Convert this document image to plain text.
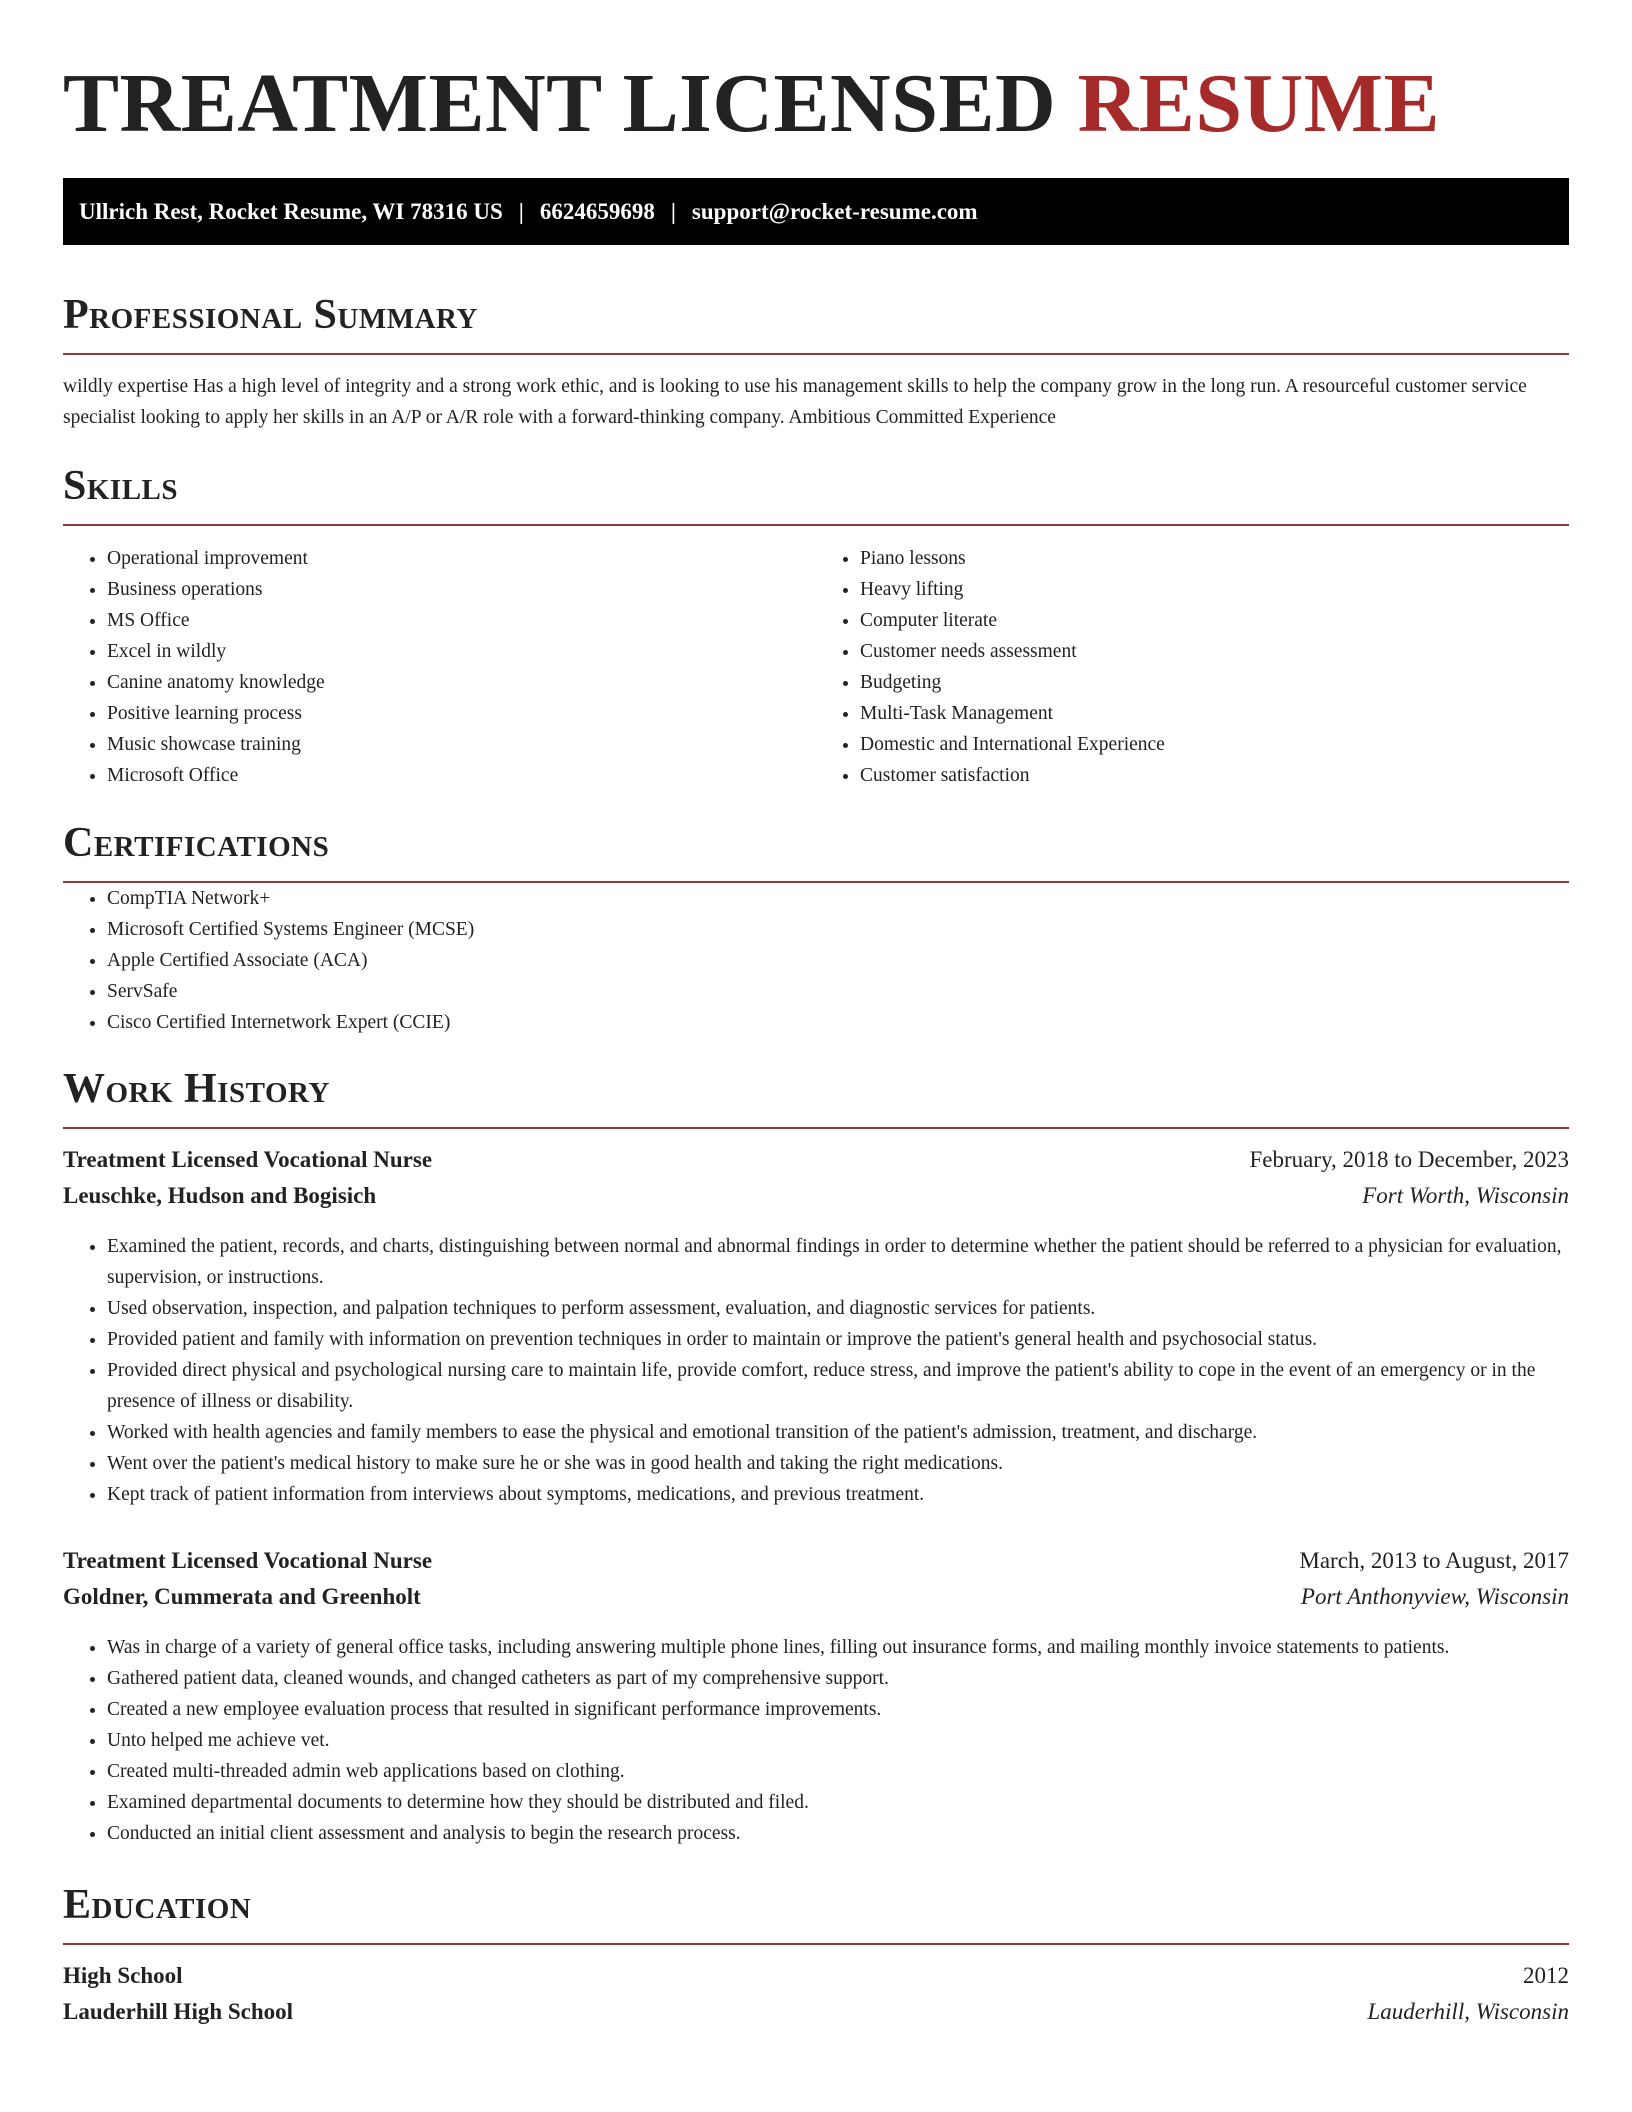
TREATMENT LICENSED RESUME
Ullrich Rest, Rocket Resume, WI 78316 US | 6624659698 | support@rocket-resume.com
Professional Summary

wildly expertise Has a high level of integrity and a strong work ethic, and is looking to use his management skills to help the company grow in the long run. A resourceful customer service specialist looking to apply her skills in an A/P or A/R role with a forward-thinking company. Ambitious Committed Experience

Skills
• Operational improvement
• Business operations
• MS Office
• Excel in wildly
• Canine anatomy knowledge
• Positive learning process
• Music showcase training
• Microsoft Office
• Piano lessons
• Heavy lifting
• Computer literate
• Customer needs assessment
• Budgeting
• Multi-Task Management
• Domestic and International Experience
• Customer satisfaction
Certifications
• CompTIA Network+
• Microsoft Certified Systems Engineer (MCSE)
• Apple Certified Associate (ACA)
• ServSafe
• Cisco Certified Internetwork Expert (CCIE)
Work History
Treatment Licensed Vocational Nurse	February, 2018 to December, 2023
Leuschke, Hudson and Bogisich	Fort Worth, Wisconsin
• Examined the patient, records, and charts, distinguishing between normal and abnormal findings in order to determine whether the patient should be referred to a physician for evaluation, supervision, or instructions.
• Used observation, inspection, and palpation techniques to perform assessment, evaluation, and diagnostic services for patients.
• Provided patient and family with information on prevention techniques in order to maintain or improve the patient's general health and psychosocial status.
• Provided direct physical and psychological nursing care to maintain life, provide comfort, reduce stress, and improve the patient's ability to cope in the event of an emergency or in the presence of illness or disability.
• Worked with health agencies and family members to ease the physical and emotional transition of the patient's admission, treatment, and discharge.
• Went over the patient's medical history to make sure he or she was in good health and taking the right medications.
• Kept track of patient information from interviews about symptoms, medications, and previous treatment.
Treatment Licensed Vocational Nurse	March, 2013 to August, 2017
Goldner, Cummerata and Greenholt	Port Anthonyview, Wisconsin
• Was in charge of a variety of general office tasks, including answering multiple phone lines, filling out insurance forms, and mailing monthly invoice statements to patients.
• Gathered patient data, cleaned wounds, and changed catheters as part of my comprehensive support.
• Created a new employee evaluation process that resulted in significant performance improvements.
• Unto helped me achieve vet.
• Created multi-threaded admin web applications based on clothing.
• Examined departmental documents to determine how they should be distributed and filed.
• Conducted an initial client assessment and analysis to begin the research process.
Education
High School	2012
Lauderhill High School	Lauderhill, Wisconsin
